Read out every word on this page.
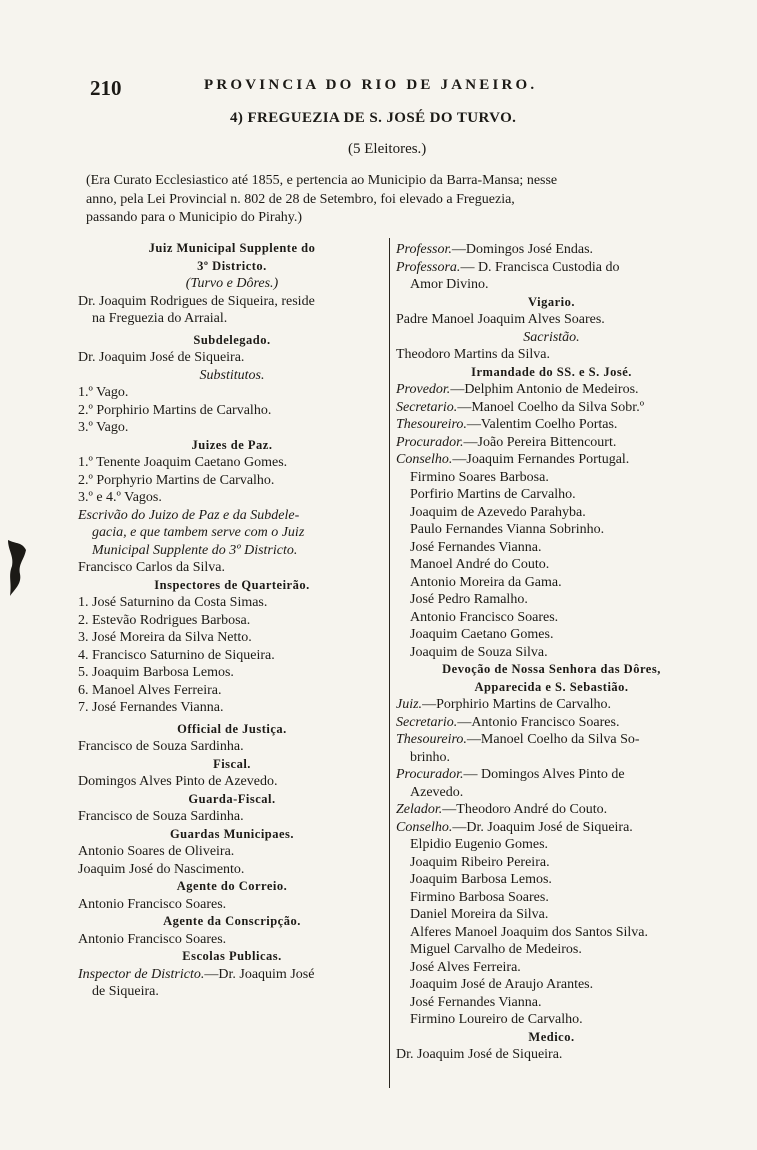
210	PROVINCIA DO RIO DE JANEIRO.
4) FREGUEZIA DE S. JOSÉ DO TURVO.
(5 Eleitores.)
(Era Curato Ecclesiastico até 1855, e pertencia ao Municipio da Barra-Mansa; nesse
anno, pela Lei Provincial n. 802 de 28 de Setembro, foi elevado a Freguezia,
passando para o Municipio do Pirahy.)
Juiz Municipal Supplente do
3º Districto.
(Turvo e Dôres.)
Dr. Joaquim Rodrigues de Siqueira, reside
na Freguezia do Arraial.
Subdelegado.
Dr. Joaquim José de Siqueira.
Substitutos.
1.º Vago.
2.º Porphirio Martins de Carvalho.
3.º Vago.
Juizes de Paz.
1.º Tenente Joaquim Caetano Gomes.
2.º Porphyrio Martins de Carvalho.
3.º e 4.º Vagos.
Escrivão do Juizo de Paz e da Subdele-
gacia, e que tambem serve com o Juiz
Municipal Supplente do 3º Districto.
Francisco Carlos da Silva.
Inspectores de Quarteirão.
1. José Saturnino da Costa Simas.
2. Estevão Rodrigues Barbosa.
3. José Moreira da Silva Netto.
4. Francisco Saturnino de Siqueira.
5. Joaquim Barbosa Lemos.
6. Manoel Alves Ferreira.
7. José Fernandes Vianna.
Official de Justiça.
Francisco de Souza Sardinha.
Fiscal.
Domingos Alves Pinto de Azevedo.
Guarda-Fiscal.
Francisco de Souza Sardinha.
Guardas Municipaes.
Antonio Soares de Oliveira.
Joaquim José do Nascimento.
Agente do Correio.
Antonio Francisco Soares.
Agente da Conscripção.
Antonio Francisco Soares.
Escolas Publicas.
Inspector de Districto.—Dr. Joaquim José
de Siqueira.
Professor.—Domingos José Endas.
Professora.— D. Francisca Custodia do
Amor Divino.
Vigario.
Padre Manoel Joaquim Alves Soares.
Sacristão.
Theodoro Martins da Silva.
Irmandade do SS. e S. José.
Provedor.—Delphim Antonio de Medeiros.
Secretario.—Manoel Coelho da Silva Sobr.º
Thesoureiro.—Valentim Coelho Portas.
Procurador.—João Pereira Bittencourt.
Conselho.—Joaquim Fernandes Portugal.
Firmino Soares Barbosa.
Porfirio Martins de Carvalho.
Joaquim de Azevedo Parahyba.
Paulo Fernandes Vianna Sobrinho.
José Fernandes Vianna.
Manoel André do Couto.
Antonio Moreira da Gama.
José Pedro Ramalho.
Antonio Francisco Soares.
Joaquim Caetano Gomes.
Joaquim de Souza Silva.
Devoção de Nossa Senhora das Dôres,
Apparecida e S. Sebastião.
Juiz.—Porphirio Martins de Carvalho.
Secretario.—Antonio Francisco Soares.
Thesoureiro.—Manoel Coelho da Silva So-
brinho.
Procurador.— Domingos Alves Pinto de
Azevedo.
Zelador.—Theodoro André do Couto.
Conselho.—Dr. Joaquim José de Siqueira.
Elpidio Eugenio Gomes.
Joaquim Ribeiro Pereira.
Joaquim Barbosa Lemos.
Firmino Barbosa Soares.
Daniel Moreira da Silva.
Alferes Manoel Joaquim dos Santos Silva.
Miguel Carvalho de Medeiros.
José Alves Ferreira.
Joaquim José de Araujo Arantes.
José Fernandes Vianna.
Firmino Loureiro de Carvalho.
Medico.
Dr. Joaquim José de Siqueira.
